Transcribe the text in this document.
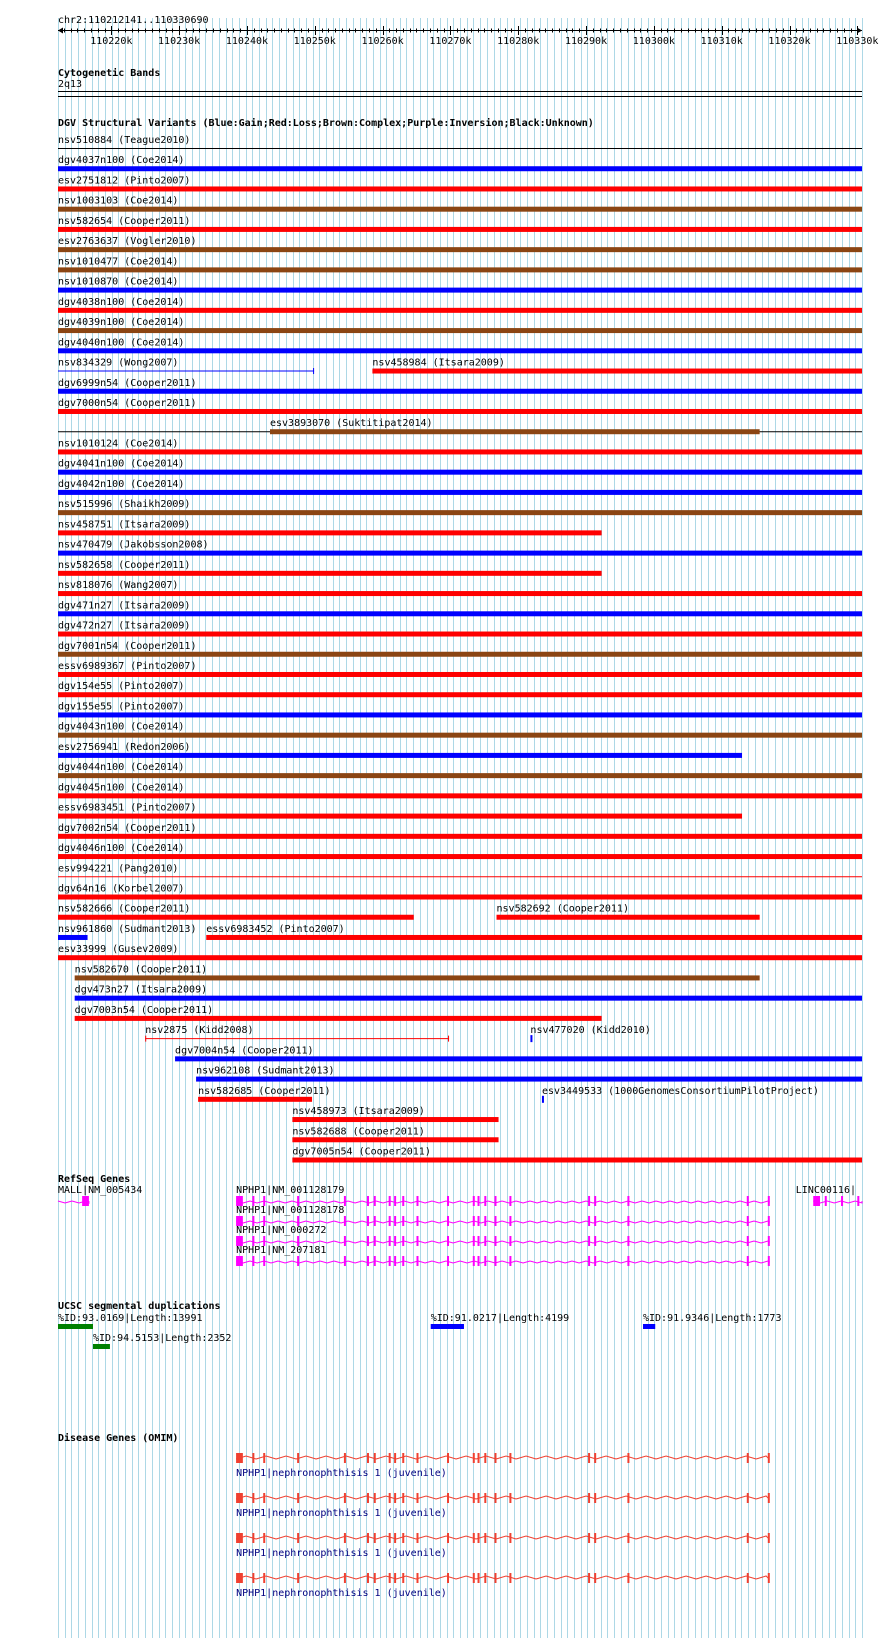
chr2:110212141..110330690
110220k	110230k	110240k	110250k	110260k	110270k	110280k	110290k	110300k	110310k	110320k	110330k
Cytogenetic Bands
2q13
DGV Structural Variants (Blue:Gain;Red:Loss;Brown:Complex;Purple:Inversion;Black:Unknown)
nsv510884 (Teague2010)
dgv4037n100 (Coe2014)
esv2751812 (Pinto2007)
nsv1003103 (Coe2014)
nsv582654 (Cooper2011)
esv2763637 (Vogler2010)
nsv1010477 (Coe2014)
nsv1010870 (Coe2014)
dgv4038n100 (Coe2014)
dgv4039n100 (Coe2014)
dgv4040n100 (Coe2014)
nsv834329 (Wong2007)	nsv458984 (Itsara2009)
dgv6999n54 (Cooper2011)
dgv7000n54 (Cooper2011)
esv3893070 (Suktitipat2014)
nsv1010124 (Coe2014)
dgv4041n100 (Coe2014)
dgv4042n100 (Coe2014)
nsv515996 (Shaikh2009)
nsv458751 (Itsara2009)
nsv470479 (Jakobsson2008)
nsv582658 (Cooper2011)
nsv818076 (Wang2007)
dgv471n27 (Itsara2009)
dgv472n27 (Itsara2009)
dgv7001n54 (Cooper2011)
essv6989367 (Pinto2007)
dgv154e55 (Pinto2007)
dgv155e55 (Pinto2007)
dgv4043n100 (Coe2014)
esv2756941 (Redon2006)
dgv4044n100 (Coe2014)
dgv4045n100 (Coe2014)
essv6983451 (Pinto2007)
dgv7002n54 (Cooper2011)
dgv4046n100 (Coe2014)
esv994221 (Pang2010)
dgv64n16 (Korbel2007)
nsv582666 (Cooper2011)	nsv582692 (Cooper2011)
nsv961860 (Sudmant2013) essv6983452 (Pinto2007)
esv33999 (Gusev2009)
nsv582670 (Cooper2011)
dgv473n27 (Itsara2009)
dgv7003n54 (Cooper2011)
nsv2875 (Kidd2008)	nsv477020 (Kidd2010)
dgv7004n54 (Cooper2011)
nsv962108 (Sudmant2013)
nsv582685 (Cooper2011)	esv3449533 (1000GenomesConsortiumPilotProject)
nsv458973 (Itsara2009)
nsv582688 (Cooper2011)
dgv7005n54 (Cooper2011)
RefSeq Genes
MALL|NM_005434	NPHP1|NM_001128179
NPHP1|NM_001128178
NPHP1|NM_000272
NPHP1|NM_207181
LINC00116|
UCSC segmental duplications
%ID:93.0169|Length:13991
%ID:94.5153|Length:2352
%ID:91.0217|Length:4199	%ID:91.9346|Length:1773
Disease Genes (OMIM)
NPHP1|nephronophthisis 1 (juvenile)
NPHP1|nephronophthisis 1 (juvenile)
NPHP1|nephronophthisis 1 (juvenile)
NPHP1|nephronophthisis 1 (juvenile)
